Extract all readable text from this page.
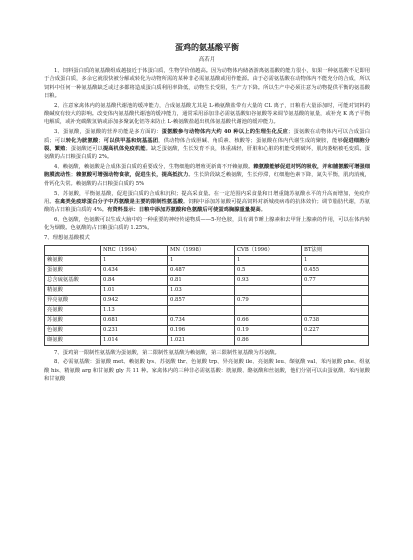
蛋鸡的氨基酸平衡
高若月

1、饲料蛋白质的氨基酸组成越接近于体蛋白质，生物学价值越高。因为动物体内储备游离氨基酸的能力很小，如果一种氨基酸不足即用于合成蛋白质，多余它就很快被分解或转化为动物所需的某种非必需氨基酸或用作能源。由于必需氨基酸在动物体内不能充分的合成，所以饲料中任何一种氨基酸缺乏或过多都将造成蛋白质利用率降低，动物生长受阻，生产力下降。所以生产中必须注意为动物提供平衡的氨基酸日粮。

2、注意家禽体内的氨基酸代谢池的缓冲能力，合成氨基酸尤其是 L-赖氨酸盐带有大量的 CL 离子，日粮若大量添加时，可能对饲料的酸碱度有较大的影响。改变体内氨基酸代谢池的缓冲能力，通常采用添加非必需氨基酸如谷氨酸等来调节氨基酸的氨量，或补充 K 离子平衡电解质，或补充碳酸氢钠或添加多聚氯化铝等来防止 L-赖氨酸盐超出机体氨基酸代谢池的缓冲能力。

3、蛋氨酸，蛋氨酸的营养功能是多方面的：蛋氨酸参与动物体内大约 40 种以上的生理生化反应；蛋氨酸在动物体内可以合成蛋白质；可以转化为胱氨酸；可以供甲基和烷基基团，供动物体合成胆碱、角质素、核酸等；蛋氨酸在体内代谢生成的聚胺，能够促进细胞分裂、繁殖；蛋氨酸还可以提高机体免疫机能。缺乏蛋氨酸，生长发育不良，体重减轻，肝脏和心脏的机能受到破坏，肌肉萎缩被毛变质。蛋氨酸的占日粮蛋白质的 2%。

4、赖氨酸，赖氨酸是合成体蛋白质的重要成分，生物细胞的增殖更新离不开赖氨酸。赖氨酸能够促进对钙的吸收，并和脯氨酸可增强细胞膜流动性；赖氨酸可增强动物食欲，促进生长，提高抵抗力。生长阶段缺乏赖氨酸，生长停滞，红细胞色素下降，氮失平衡，肌肉消瘦，骨钙化失常。赖氨酸的占日粮蛋白质的 5%

5、苏氨酸，平衡氨基酸，促进蛋白质的合成和沉积；提高采食量。在一定范围内采食量和日增重随苏氨酸水平的升高而增加，免疫作用。在禽类免疫球蛋白分子中苏氨酸是主要的限制性氨基酸。饲粮中添加苏氨酸可提高饲料对新城疫病毒的抗体效价；调节脂肪代谢，苏氨酸的占日粮蛋白质的 4%。有资料显示：日粮中添加苏氨酸和色氨酸后可使蛋鸡胸腺重量提高。

6、色氨酸，色氨酸可以生成大脑中的一种重要的神经传递物质——5-羟色胺，具有调节睡上腺素和去甲肾上腺素的作用，可以在体内转化为烟酸。色氨酸的占日粮蛋白质的 1.25%。

7、理想氨基酸模式
	NRC（1994）	MN（1998）	CVB（1996）	BT法则
赖氨酸	1	1	1	1
蛋氨酸	0.434	0.487	0.5	0.455
总含硫氨基酸	0.84	0.81	0.93	0.77
精氨酸	1.01	1.03		
异亮氨酸	0.942	0.857	0.79	
亮氨酸	1.13			
苏氨酸	0.681	0.734	0.66	0.738
色氨酸	0.231	0.196	0.19	0.227
缬氨酸	1.014	1.021	0.86	

7、蛋鸡第一限制性氨基酸为蛋氨酸，第二限制性氨基酸为赖氨酸，第三限制性氨基酸为苏氨酸。

8、必需氨基酸：蛋氨酸 met、赖氨酸 lys、苏氨酸 thr、色氨酸 trp、异亮氨酸 ile、亮氨酸 leu、缬氨酸 val、苯丙氨酸 phe、组氨酸 his、精氨酸 arg 和甘氨酸 gly 共 11 种。家禽体内的三种非必需氨基酸：胱氨酸、酪氨酸和丝氨酸，他们分别可以由蛋氨酸、苯丙氨酸和甘氨酸
